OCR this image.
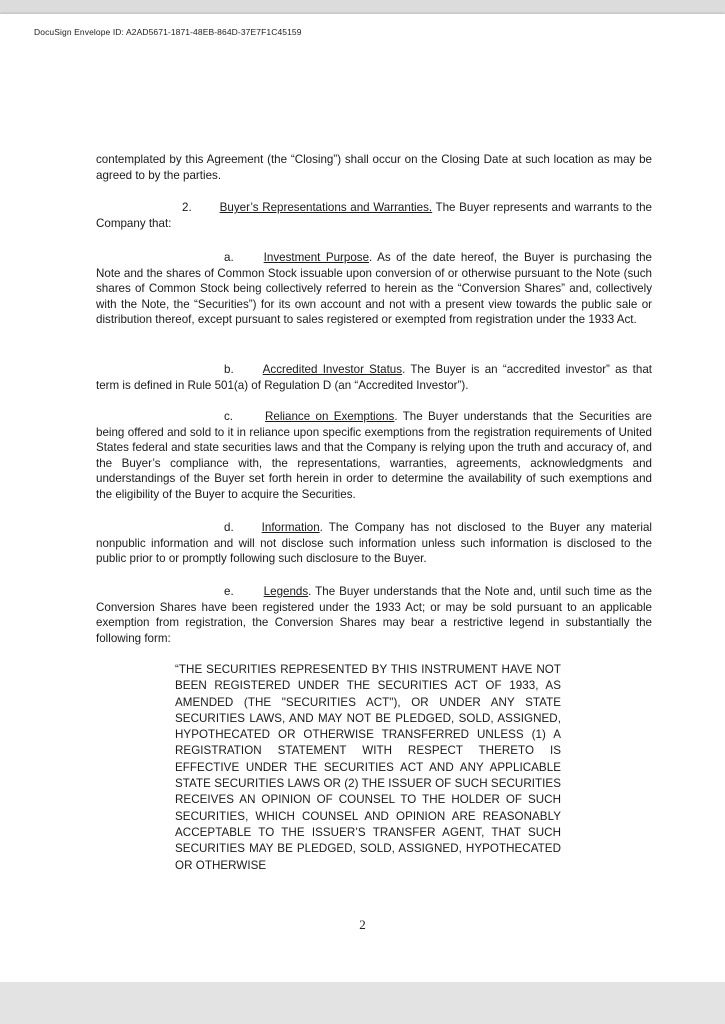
DocuSign Envelope ID: A2AD5671-1871-48EB-864D-37E7F1C45159

contemplated by this Agreement (the “Closing”) shall occur on the Closing Date at such location as may be agreed to by the parties.

2. Buyer’s Representations and Warranties. The Buyer represents and warrants to the Company that:

a.	Investment Purpose. As of the date hereof, the Buyer is purchasing the Note and the shares of Common Stock issuable upon conversion of or otherwise pursuant to the Note (such shares of Common Stock being collectively referred to herein as the “Conversion Shares” and, collectively with the Note, the “Securities”) for its own account and not with a present view towards the public sale or distribution thereof, except pursuant to sales registered or exempted from registration under the 1933 Act.

b.	Accredited Investor Status. The Buyer is an “accredited investor” as that term is defined in Rule 501(a) of Regulation D (an “Accredited Investor”).

c.	Reliance on Exemptions. The Buyer understands that the Securities are being offered and sold to it in reliance upon specific exemptions from the registration requirements of United States federal and state securities laws and that the Company is relying upon the truth and accuracy of, and the Buyer’s compliance with, the representations, warranties, agreements, acknowledgments and understandings of the Buyer set forth herein in order to determine the availability of such exemptions and the eligibility of the Buyer to acquire the Securities.

d. Information. The Company has not disclosed to the Buyer any material nonpublic information and will not disclose such information unless such information is disclosed to the public prior to or promptly following such disclosure to the Buyer.

e.	Legends. The Buyer understands that the Note and, until such time as the Conversion Shares have been registered under the 1933 Act; or may be sold pursuant to an applicable exemption from registration, the Conversion Shares may bear a restrictive legend in substantially the following form:

“THE SECURITIES REPRESENTED BY THIS INSTRUMENT HAVE NOT BEEN REGISTERED UNDER THE SECURITIES ACT OF 1933, AS AMENDED (THE "SECURITIES ACT"), OR UNDER ANY STATE SECURITIES LAWS, AND MAY NOT BE PLEDGED, SOLD, ASSIGNED, HYPOTHECATED OR OTHERWISE TRANSFERRED UNLESS (1) A REGISTRATION STATEMENT WITH RESPECT THERETO IS EFFECTIVE UNDER THE SECURITIES ACT AND ANY APPLICABLE STATE SECURITIES LAWS OR (2) THE ISSUER OF SUCH SECURITIES RECEIVES AN OPINION OF COUNSEL TO THE HOLDER OF SUCH SECURITIES, WHICH COUNSEL AND OPINION ARE REASONABLY ACCEPTABLE TO THE ISSUER’S TRANSFER AGENT, THAT SUCH SECURITIES MAY BE PLEDGED, SOLD, ASSIGNED, HYPOTHECATED OR OTHERWISE

2
